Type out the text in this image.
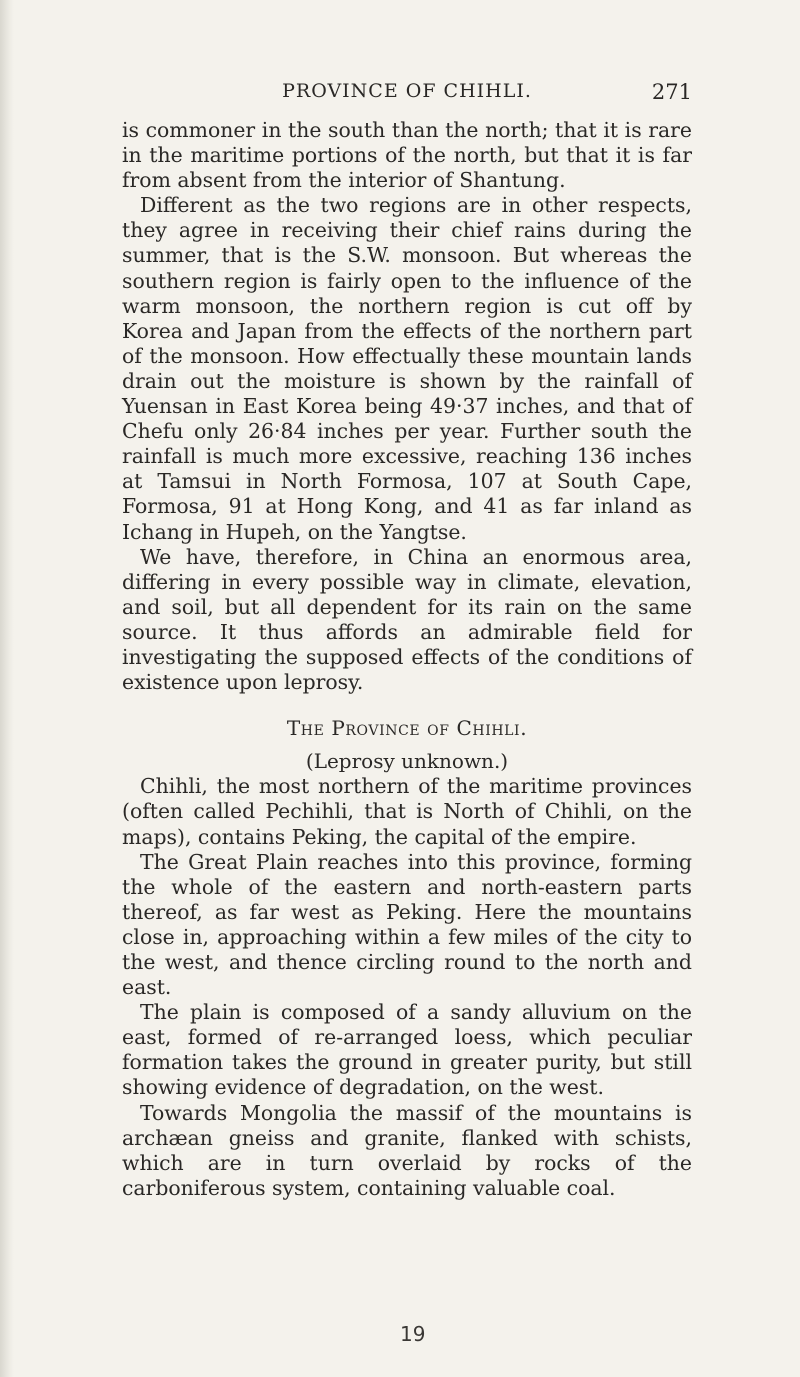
PROVINCE OF CHIHLI.	271

is commoner in the south than the north; that it is rare in the maritime portions of the north, but that it is far from absent from the interior of Shantung.

Different as the two regions are in other respects, they agree in receiving their chief rains during the summer, that is the S.W. monsoon. But whereas the southern region is fairly open to the influence of the warm monsoon, the northern region is cut off by Korea and Japan from the effects of the northern part of the monsoon. How effectually these mountain lands drain out the moisture is shown by the rainfall of Yuensan in East Korea being 49·37 inches, and that of Chefu only 26·84 inches per year. Further south the rainfall is much more excessive, reaching 136 inches at Tamsui in North Formosa, 107 at South Cape, Formosa, 91 at Hong Kong, and 41 as far inland as Ichang in Hupeh, on the Yangtse.

We have, therefore, in China an enormous area, differing in every possible way in climate, elevation, and soil, but all dependent for its rain on the same source. It thus affords an admirable field for investigating the supposed effects of the conditions of existence upon leprosy.

The Province of Chihli.
(Leprosy unknown.)

Chihli, the most northern of the maritime provinces (often called Pechihli, that is North of Chihli, on the maps), contains Peking, the capital of the empire.

The Great Plain reaches into this province, forming the whole of the eastern and north-eastern parts thereof, as far west as Peking. Here the mountains close in, approaching within a few miles of the city to the west, and thence circling round to the north and east.

The plain is composed of a sandy alluvium on the east, formed of re-arranged loess, which peculiar formation takes the ground in greater purity, but still showing evidence of degradation, on the west.

Towards Mongolia the massif of the mountains is archæan gneiss and granite, flanked with schists, which are in turn overlaid by rocks of the carboniferous system, containing valuable coal.

19
